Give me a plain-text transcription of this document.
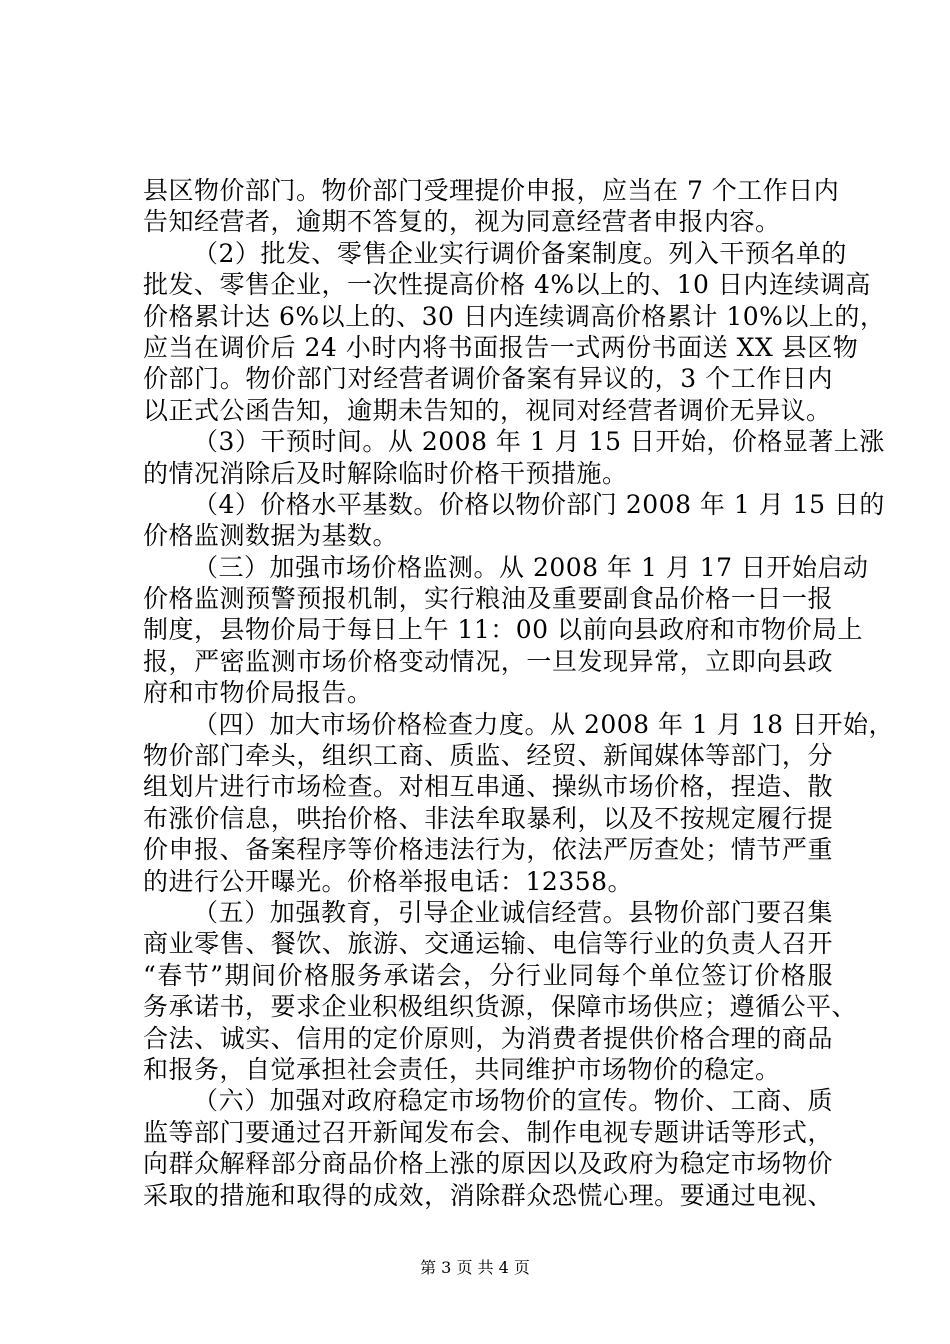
县区物价部门。物价部门受理提价申报，应当在 7 个工作日内
告知经营者，逾期不答复的，视为同意经营者申报内容。
（2）批发、零售企业实行调价备案制度。列入干预名单的
批发、零售企业，一次性提高价格 4%以上的、10 日内连续调高
价格累计达 6%以上的、30 日内连续调高价格累计 10%以上的，
应当在调价后 24 小时内将书面报告一式两份书面送 XX 县区物
价部门。物价部门对经营者调价备案有异议的，3 个工作日内
以正式公函告知，逾期未告知的，视同对经营者调价无异议。
（3）干预时间。从 2008 年 1 月 15 日开始，价格显著上涨
的情况消除后及时解除临时价格干预措施。
（4）价格水平基数。价格以物价部门 2008 年 1 月 15 日的
价格监测数据为基数。
（三）加强市场价格监测。从 2008 年 1 月 17 日开始启动
价格监测预警预报机制，实行粮油及重要副食品价格一日一报
制度，县物价局于每日上午 11：00 以前向县政府和市物价局上
报，严密监测市场价格变动情况，一旦发现异常，立即向县政
府和市物价局报告。
（四）加大市场价格检查力度。从 2008 年 1 月 18 日开始，
物价部门牵头，组织工商、质监、经贸、新闻媒体等部门，分
组划片进行市场检查。对相互串通、操纵市场价格，捏造、散
布涨价信息，哄抬价格、非法牟取暴利，以及不按规定履行提
价申报、备案程序等价格违法行为，依法严厉查处；情节严重
的进行公开曝光。价格举报电话：12358。
（五）加强教育，引导企业诚信经营。县物价部门要召集
商业零售、餐饮、旅游、交通运输、电信等行业的负责人召开
“春节”期间价格服务承诺会，分行业同每个单位签订价格服
务承诺书，要求企业积极组织货源，保障市场供应；遵循公平、
合法、诚实、信用的定价原则，为消费者提供价格合理的商品
和报务，自觉承担社会责任，共同维护市场物价的稳定。
（六）加强对政府稳定市场物价的宣传。物价、工商、质
监等部门要通过召开新闻发布会、制作电视专题讲话等形式，
向群众解释部分商品价格上涨的原因以及政府为稳定市场物价
采取的措施和取得的成效，消除群众恐慌心理。要通过电视、
第 3 页 共 4 页
